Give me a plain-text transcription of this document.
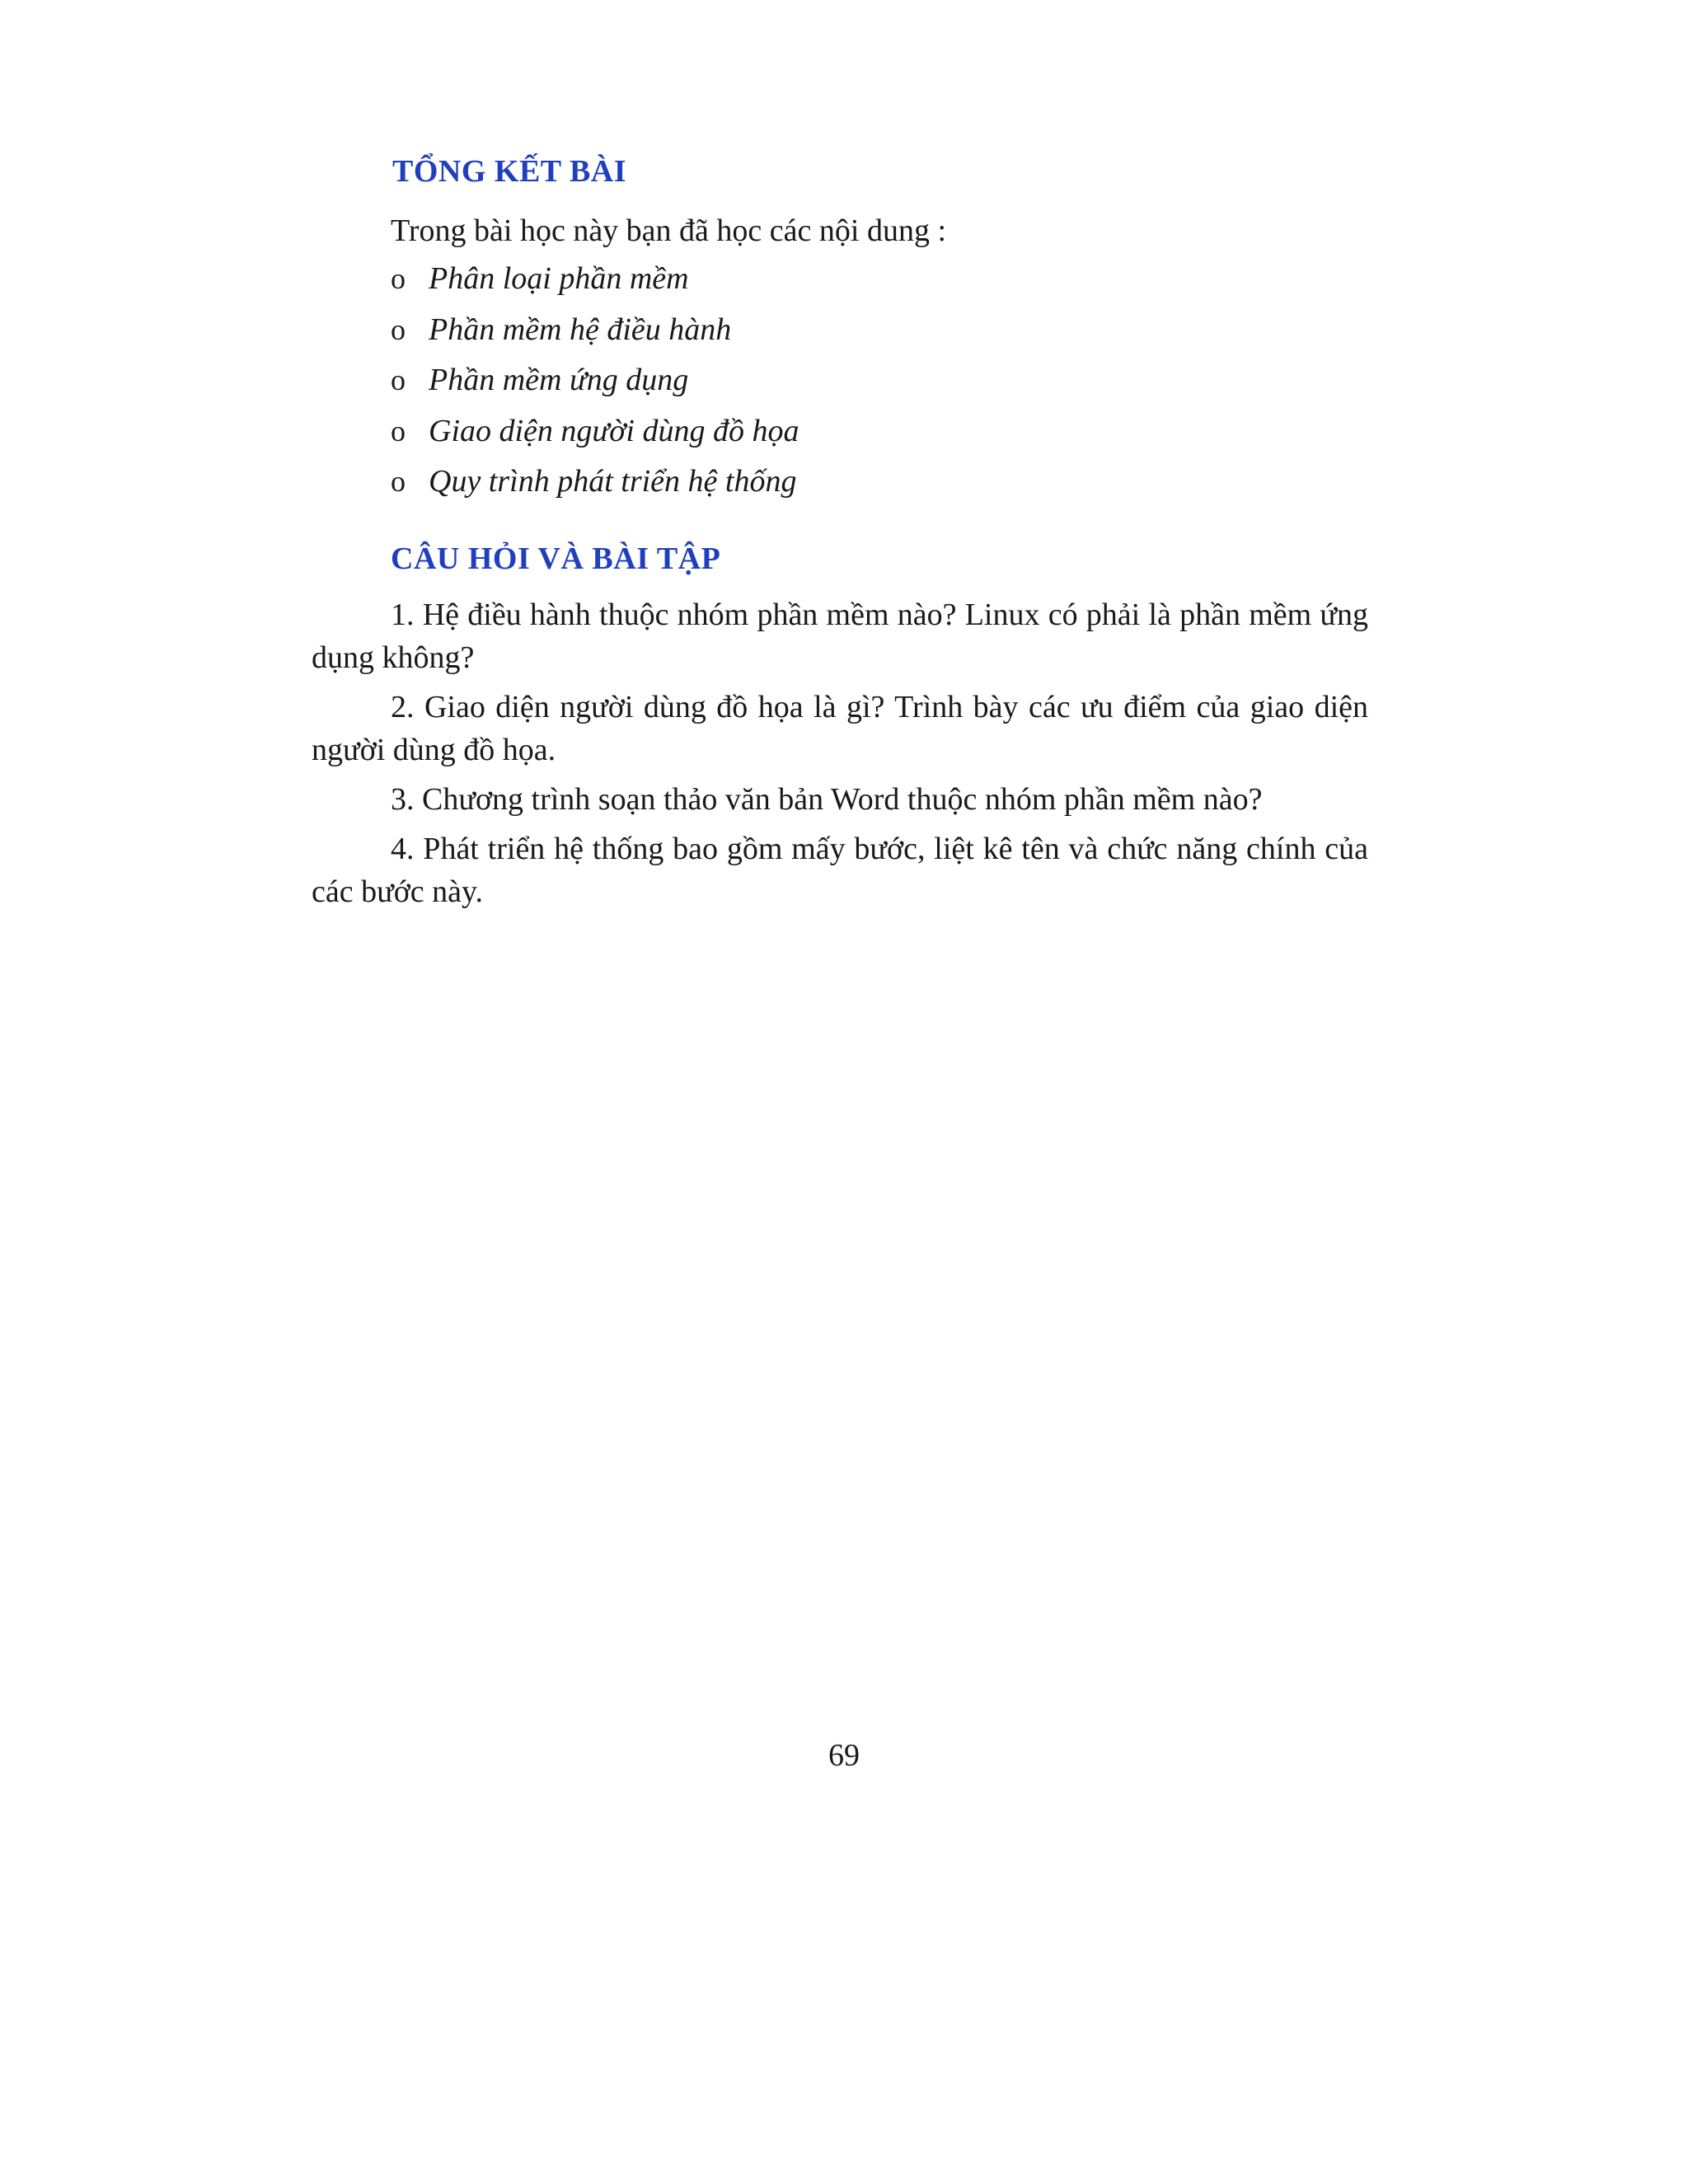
TỔNG KẾT BÀI

Trong bài học này bạn đã học các nội dung :

o Phân loại phần mềm
o Phần mềm hệ điều hành
o Phần mềm ứng dụng
o Giao diện người dùng đồ họa
o Quy trình phát triển hệ thống
CÂU HỎI VÀ BÀI TẬP
1. Hệ điều hành thuộc nhóm phần mềm nào? Linux có phải là phần mềm ứng dụng không?
2. Giao diện người dùng đồ họa là gì? Trình bày các ưu điểm của giao diện người dùng đồ họa.
3. Chương trình soạn thảo văn bản Word thuộc nhóm phần mềm nào?
4. Phát triển hệ thống bao gồm mấy bước, liệt kê tên và chức năng chính của các bước này.

69
